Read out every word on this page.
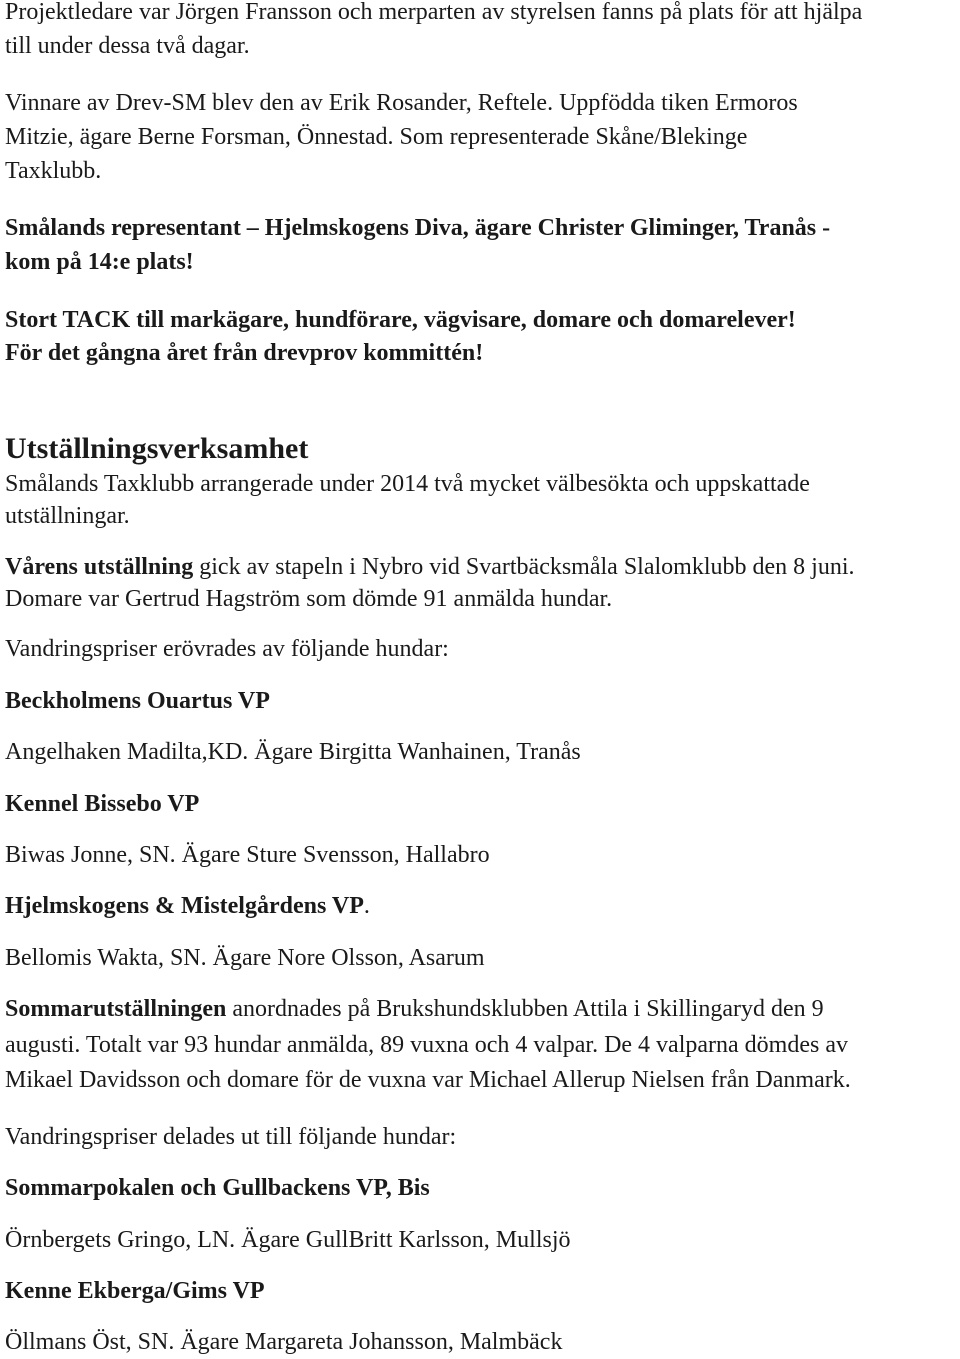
Projektledare var Jörgen Fransson och merparten av styrelsen fanns på plats för att hjälpa
till under dessa två dagar.
Vinnare av Drev-SM blev den av Erik Rosander, Reftele. Uppfödda tiken Ermoros
Mitzie, ägare Berne Forsman, Önnestad. Som representerade Skåne/Blekinge
Taxklubb.
Smålands representant – Hjelmskogens Diva, ägare Christer Gliminger, Tranås -
kom på 14:e plats!
Stort TACK till markägare, hundförare, vägvisare, domare och domarelever!
För det gångna året från drevprov kommittén!
Utställningsverksamhet
Smålands Taxklubb arrangerade under 2014 två mycket välbesökta och uppskattade
utställningar.
Vårens utställning gick av stapeln i Nybro vid Svartbäcksmåla Slalomklubb den 8 juni.
Domare var Gertrud Hagström som dömde 91 anmälda hundar.
Vandringspriser erövrades av följande hundar:
Beckholmens Ouartus VP
Angelhaken Madilta,KD. Ägare Birgitta Wanhainen, Tranås
Kennel Bissebo VP
Biwas Jonne, SN. Ägare Sture Svensson, Hallabro
Hjelmskogens & Mistelgårdens VP.
Bellomis Wakta, SN. Ägare Nore Olsson, Asarum
Sommarutställningen anordnades på Brukshundsklubben Attila i Skillingaryd den 9
augusti. Totalt var 93 hundar anmälda, 89 vuxna och 4 valpar. De 4 valparna dömdes av
Mikael Davidsson och domare för de vuxna var Michael Allerup Nielsen från Danmark.
Vandringspriser delades ut till följande hundar:
Sommarpokalen och Gullbackens VP, Bis
Örnbergets Gringo, LN. Ägare GullBritt Karlsson, Mullsjö
Kenne Ekberga/Gims VP
Öllmans Öst, SN. Ägare Margareta Johansson, Malmbäck
